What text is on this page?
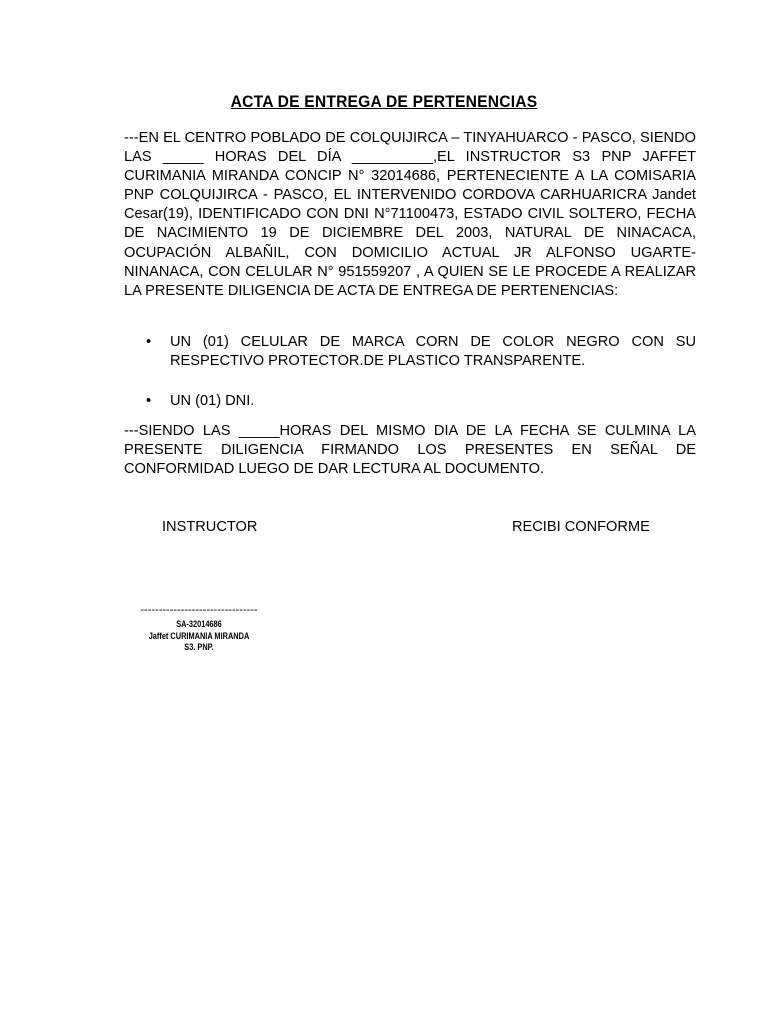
ACTA DE ENTREGA DE PERTENENCIAS
---EN EL CENTRO POBLADO DE COLQUIJIRCA – TINYAHUARCO - PASCO, SIENDO LAS _____ HORAS DEL DÍA __________,EL INSTRUCTOR S3 PNP JAFFET CURIMANIA MIRANDA CONCIP N° 32014686, PERTENECIENTE A LA COMISARIA PNP COLQUIJIRCA - PASCO, EL INTERVENIDO CORDOVA CARHUARICRA Jandet Cesar(19), IDENTIFICADO CON DNI N°71100473, ESTADO CIVIL SOLTERO, FECHA DE NACIMIENTO 19 DE DICIEMBRE DEL 2003, NATURAL DE NINACACA, OCUPACIÓN ALBAÑIL, CON DOMICILIO ACTUAL JR ALFONSO UGARTE-NINANACA, CON CELULAR N° 951559207 , A QUIEN SE LE PROCEDE A REALIZAR LA PRESENTE DILIGENCIA DE ACTA DE ENTREGA DE PERTENENCIAS:
• UN (01) CELULAR DE MARCA CORN DE COLOR NEGRO CON SU RESPECTIVO PROTECTOR.DE PLASTICO TRANSPARENTE.
• UN (01) DNI.
---SIENDO LAS _____HORAS DEL MISMO DIA DE LA FECHA SE CULMINA LA PRESENTE DILIGENCIA FIRMANDO LOS PRESENTES EN SEÑAL DE CONFORMIDAD LUEGO DE DAR LECTURA AL DOCUMENTO.
INSTRUCTOR	RECIBI CONFORME
--------------------------------
SA-32014686
Jaffet CURIMANIA MIRANDA
S3. PNP.
